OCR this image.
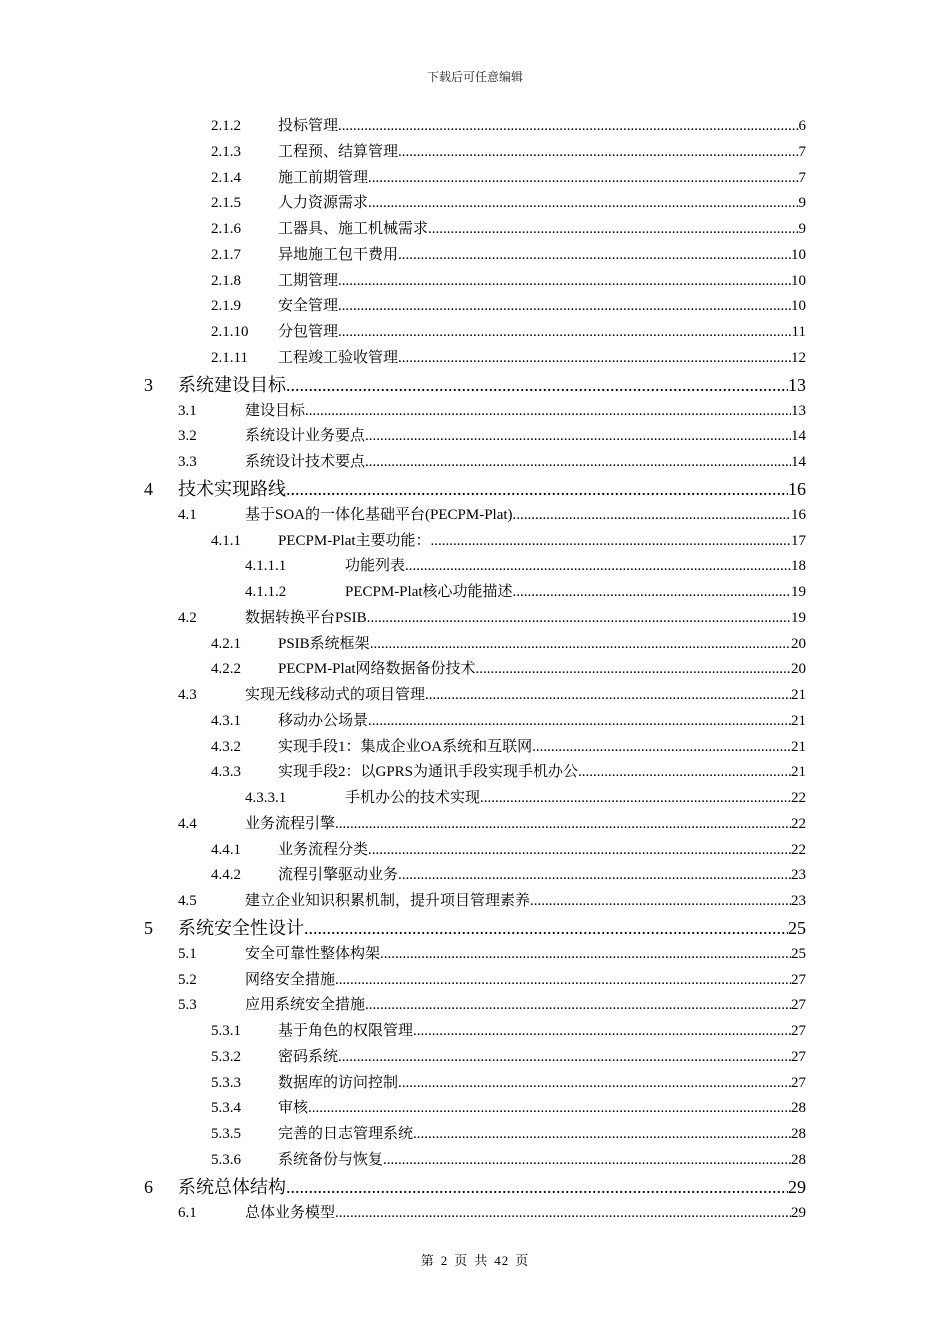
下载后可任意编辑
2.1.2 投标管理 .....	6
2.1.3 工程预、结算管理 .....	7
2.1.4 施工前期管理 .....	7
2.1.5 人力资源需求 .....	9
2.1.6 工器具、施工机械需求 .....	9
2.1.7 异地施工包干费用 .....	10
2.1.8 工期管理 .....	10
2.1.9 安全管理 .....	10
2.1.10 分包管理 .....	11
2.1.11 工程竣工验收管理 .....	12
3 系统建设目标 .....	13
3.1	建设目标 .....	13
3.2	系统设计业务要点 .....	14
3.3	系统设计技术要点 .....	14
4 技术实现路线 .....	16
4.1	基于SOA的一体化基础平台(PECPM-Plat) .....	16
4.1.1 PECPM-Plat主要功能： .....	17
4.1.1.1	功能列表 .....	18
4.1.1.2	PECPM-Plat核心功能描述 .....	19
4.2	数据转换平台PSIB .....	19
4.2.1 PSIB系统框架 .....	20
4.2.2 PECPM-Plat网络数据备份技术 .....	20
4.3	实现无线移动式的项目管理 .....	21
4.3.1 移动办公场景 .....	21
4.3.2 实现手段1：集成企业OA系统和互联网 .....	21
4.3.3 实现手段2：以GPRS为通讯手段实现手机办公 .....	21
4.3.3.1	手机办公的技术实现 .....	22
4.4	业务流程引擎 .....	22
4.4.1 业务流程分类 .....	22
4.4.2 流程引擎驱动业务 .....	23
4.5	建立企业知识积累机制，提升项目管理素养 .....	23
5 系统安全性设计 .....	25
5.1	安全可靠性整体构架 .....	25
5.2	网络安全措施 .....	27
5.3	应用系统安全措施 .....	27
5.3.1 基于角色的权限管理 .....	27
5.3.2 密码系统 .....	27
5.3.3 数据库的访问控制 .....	27
5.3.4 审核 .....	28
5.3.5 完善的日志管理系统 .....	28
5.3.6 系统备份与恢复 .....	28
6 系统总体结构 .....	29
6.1	总体业务模型 .....	29
第 2 页 共 42 页
